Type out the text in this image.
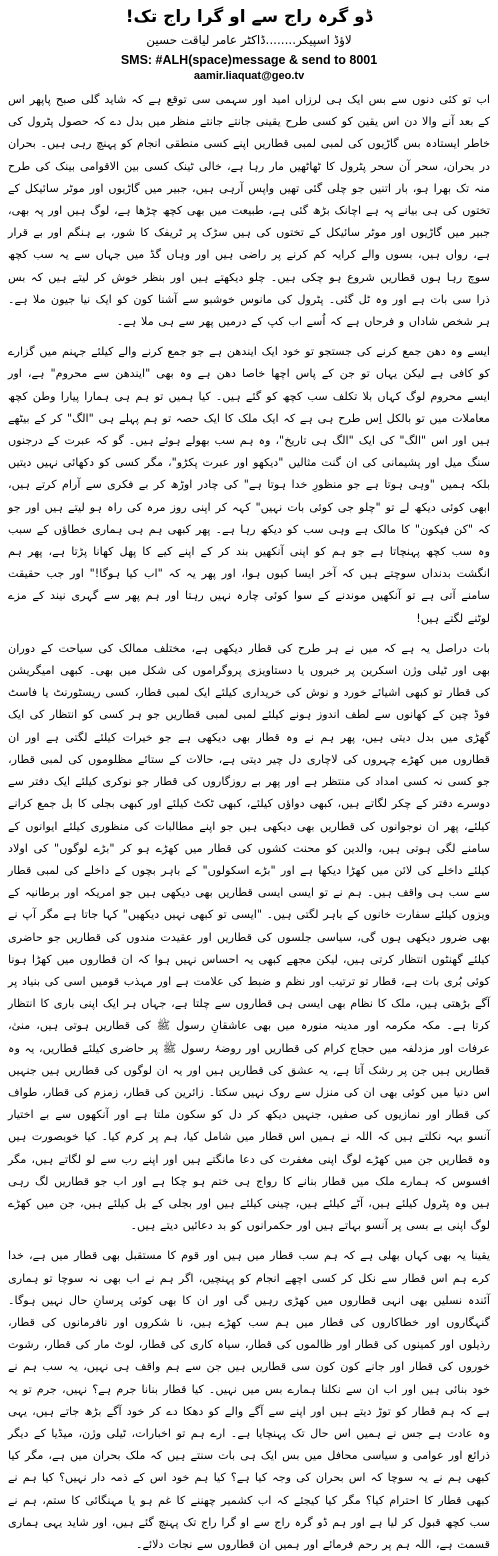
ڈو گرہ راج سے او گرا راج تک!
لاؤڈ اسپیکر........ڈاکٹر عامر لیاقت حسین
SMS: #ALH(space)message & send to 8001
aamir.liaquat@geo.tv

اب تو کئی دنوں سے بس ایک ہی لرزاں امید اور سہمی سی توقع ہے کہ شاید گلی صبح پاپھر اس کے بعد آنے والا دن اس یقین کو کسی طرح یقینی جانتے جانتے منظر میں بدل دے کہ حصول پٹرول کی خاطر ایستادہ بس گاڑیوں کی لمبی لمبی قطاریں اپنے کسی منطقی انجام کو پہنچ رہی ہیں۔ بحران در بحران، سحر آن سحر پٹرول کا ٹھاٹھیں مار رہا ہے، خالی ٹینک کسی بین الاقوامی بینک کی طرح منہ تک بھرا ہو، بار اتنیں جو چلی گئی تھیں واپس آرہی ہیں، جبیر میں گاڑیوں اور موٹر سائیکل کے تختوں کی ہی بیانے پہ ہے اچانک بڑھ گئی ہے، طبیعت میں بھی کچھ چڑھا ہے، لوگ ہیں اور پہ بھی، جبیر میں گاڑیوں اور موٹر سائیکل کے تختوں کی ہیں سڑک پر ٹریفک کا شور، بے ہنگم اور بے قرار ہے، رواں ہیں، بسوں والے کرایہ کم کرنے پر راضی ہیں اور وہاں گڈ میں جہاں سے یہ سب کچھ سوچ رہا ہوں قطاریں شروع ہو چکی ہیں۔ چلو دیکھتے ہیں اور بنظر خوش کر لیتے ہیں کہ بس ذرا سی بات ہے اور وہ ٹل گئی۔ پٹرول کی مانوس خوشبو سے آشنا کون کو ایک نیا جیون ملا ہے۔ ہر شخص شاداں و فرحاں ہے کہ اُسے اب کپ کے درمیں پھر سے ہی ملا ہے۔

ایسے وہ دھن جمع کرنے کی جستجو تو خود ایک ایندھن ہے جو جمع کرنے والے کیلئے جہنم میں گزارے کو کافی ہے لیکن یہاں تو جن کے پاس اچھا خاصا دھن ہے وہ بھی "ایندھن سے محروم" ہے، اور ایسے محروم لوگ کہاں بلا تکلف سب کچھ کو گئے ہیں۔ کیا ہمیں تو ہم ہی ہمارا پیارا وطن کچھ معاملات میں تو بالکل اِس طرح ہی ہے کہ ایک ملک کا ایک حصہ تو ہم پہلے ہی "الگ" کر کے بیٹھے ہیں اور اس "الگ" کی ایک "الگ ہی تاریخ"، وہ ہم سب بھولے ہوئے ہیں۔ گو کہ عبرت کے درجنوں سنگ میل اور پشیمانی کی ان گنت مثالیں "دیکھو اور عبرت پکڑو"، مگر کسی کو دکھائی نہیں دیتیں بلکہ ہمیں "وہی ہوتا ہے جو منظورِ خدا ہوتا ہے" کی چادر اوڑھ کر بے فکری سے آرام کرتے ہیں، ابھی کوئی دیکھ لے تو "چلو جی کوئی بات نہیں" کہہ کر اپنی روز مرہ کی راہ ہو لیتے ہیں اور جو کہ "کن فیکون" کا مالک ہے وہی سب کو دیکھ رہا ہے۔ پھر کبھی ہم ہی ہماری خطاؤں کے سبب وہ سب کچھ پہنچاتا ہے جو ہم کو اپنی آنکھیں بند کر کے اپنے کیے کا پھل کھانا پڑتا ہے، پھر ہم انگشت بدنداں سوچتے ہیں کہ آخر ایسا کیوں ہوا، اور پھر یہ کہ "اب کیا ہوگا!" اور جب حقیقت سامنے آتی ہے تو آنکھیں موندنے کے سوا کوئی چارہ نہیں رہتا اور ہم پھر سے گہری نیند کے مزے لوٹنے لگتے ہیں!

بات دراصل یہ ہے کہ میں نے ہر طرح کی قطار دیکھی ہے، مختلف ممالک کی سیاحت کے دوران بھی اور ٹیلی وژن اسکرین پر خبروں یا دستاویزی پروگراموں کی شکل میں بھی۔ کبھی امیگریشن کی قطار تو کبھی اشیائے خورد و نوش کی خریداری کیلئے ایک لمبی قطار، کسی ریسٹورنٹ یا فاسٹ فوڈ چین کے کھانوں سے لطف اندوز ہونے کیلئے لمبی لمبی قطاریں جو ہر کسی کو انتظار کی ایک گھڑی میں بدل دیتی ہیں، پھر ہم نے وہ قطار بھی دیکھی ہے جو خیرات کیلئے لگتی ہے اور ان قطاروں میں کھڑے چہروں کی لاچاری دل چیر دیتی ہے، حالات کے ستائے مظلوموں کی لمبی قطار، جو کسی نہ کسی امداد کی منتظر ہے اور پھر بے روزگاروں کی قطار جو نوکری کیلئے ایک دفتر سے دوسرے دفتر کے چکر لگاتے ہیں، کبھی دواؤں کیلئے، کبھی ٹکٹ کیلئے اور کبھی بجلی کا بل جمع کرانے کیلئے، پھر ان نوجوانوں کی قطاریں بھی دیکھی ہیں جو اپنے مطالبات کی منظوری کیلئے ایوانوں کے سامنے لگی ہوتی ہیں، والدین کو محنت کشوں کی قطار میں کھڑے ہو کر "بڑے لوگوں" کی اولاد کیلئے داخلے کی لائن میں کھڑا دیکھا ہے اور "بڑے اسکولوں" کے باہر بچوں کے داخلے کی لمبی قطار سے سب ہی واقف ہیں۔ ہم نے تو ایسی ایسی قطاریں بھی دیکھی ہیں جو امریکہ اور برطانیہ کے ویزوں کیلئے سفارت خانوں کے باہر لگتی ہیں۔ "ایسی تو کبھی نہیں دیکھیں" کہا جاتا ہے مگر آپ نے بھی ضرور دیکھی ہوں گی، سیاسی جلسوں کی قطاریں اور عقیدت مندوں کی قطاریں جو حاضری کیلئے گھنٹوں انتظار کرتی ہیں، لیکن مجھے کبھی یہ احساس نہیں ہوا کہ ان قطاروں میں کھڑا ہونا کوئی بُری بات ہے، قطار تو ترتیب اور نظم و ضبط کی علامت ہے اور مہذب قومیں اسی کی بنیاد پر آگے بڑھتی ہیں، ملک کا نظام بھی ایسی ہی قطاروں سے چلتا ہے، جہاں ہر ایک اپنی باری کا انتظار کرتا ہے۔ مکہ مکرمہ اور مدینہ منورہ میں بھی عاشقانِ رسول ﷺ کی قطاریں ہوتی ہیں، منیٰ، عرفات اور مزدلفہ میں حجاج کرام کی قطاریں اور روضۂ رسول ﷺ پر حاضری کیلئے قطاریں، یہ وہ قطاریں ہیں جن پر رشک آتا ہے، یہ عشق کی قطاریں ہیں اور یہ ان لوگوں کی قطاریں ہیں جنہیں اس دنیا میں کوئی بھی ان کی منزل سے روک نہیں سکتا۔ زائرین کی قطار، زمزم کی قطار، طواف کی قطار اور نمازیوں کی صفیں، جنہیں دیکھ کر دل کو سکون ملتا ہے اور آنکھوں سے بے اختیار آنسو بہہ نکلتے ہیں کہ اللہ نے ہمیں اس قطار میں شامل کیا، ہم پر کرم کیا۔ کیا خوبصورت ہیں وہ قطاریں جن میں کھڑے لوگ اپنی مغفرت کی دعا مانگتے ہیں اور اپنے رب سے لو لگاتے ہیں، مگر افسوس کہ ہمارے ملک میں قطار بنانے کا رواج ہی ختم ہو چکا ہے اور اب جو قطاریں لگ رہی ہیں وہ پٹرول کیلئے ہیں، آٹے کیلئے ہیں، چینی کیلئے ہیں اور بجلی کے بل کیلئے ہیں، جن میں کھڑے لوگ اپنی بے بسی پر آنسو بہاتے ہیں اور حکمرانوں کو بد دعائیں دیتے ہیں۔

یقینا یہ بھی کہاں بھلی ہے کہ ہم سب قطار میں ہیں اور قوم کا مستقبل بھی قطار میں ہے، خدا کرے ہم اس قطار سے نکل کر کسی اچھے انجام کو پہنچیں، اگر ہم نے اب بھی نہ سوچا تو ہماری آئندہ نسلیں بھی انہی قطاروں میں کھڑی رہیں گی اور ان کا بھی کوئی پرسانِ حال نہیں ہوگا۔ گنہگاروں اور خطاکاروں کی قطار میں ہم سب کھڑے ہیں، نا شکروں اور نافرمانوں کی قطار، رذیلوں اور کمینوں کی قطار اور ظالموں کی قطار، سیاہ کاری کی قطار، لوٹ مار کی قطار، رشوت خوروں کی قطار اور جانے کون کون سی قطاریں ہیں جن سے ہم واقف ہی نہیں، یہ سب ہم نے خود بنائی ہیں اور اب ان سے نکلنا ہمارے بس میں نہیں۔ کیا قطار بنانا جرم ہے؟ نہیں، جرم تو یہ ہے کہ ہم قطار کو توڑ دیتے ہیں اور اپنے سے آگے والے کو دھکا دے کر خود آگے بڑھ جاتے ہیں، یہی وہ عادت ہے جس نے ہمیں اس حال تک پہنچایا ہے۔ ارے ہم تو اخبارات، ٹیلی وژن، میڈیا کے دیگر ذرائع اور عوامی و سیاسی محافل میں بس ایک ہی بات سنتے ہیں کہ ملک بحران میں ہے، مگر کیا کبھی ہم نے یہ سوچا کہ اس بحران کی وجہ کیا ہے؟ کیا ہم خود اس کے ذمہ دار نہیں؟ کیا ہم نے کبھی قطار کا احترام کیا؟ مگر کیا کیجئے کہ اب کشمیر چھننے کا غم ہو یا مہنگائی کا ستم، ہم نے سب کچھ قبول کر لیا ہے اور ہم ڈو گرہ راج سے او گرا راج تک پہنچ گئے ہیں، اور شاید یہی ہماری قسمت ہے، اللہ ہم پر رحم فرمائے اور ہمیں ان قطاروں سے نجات دلائے۔
